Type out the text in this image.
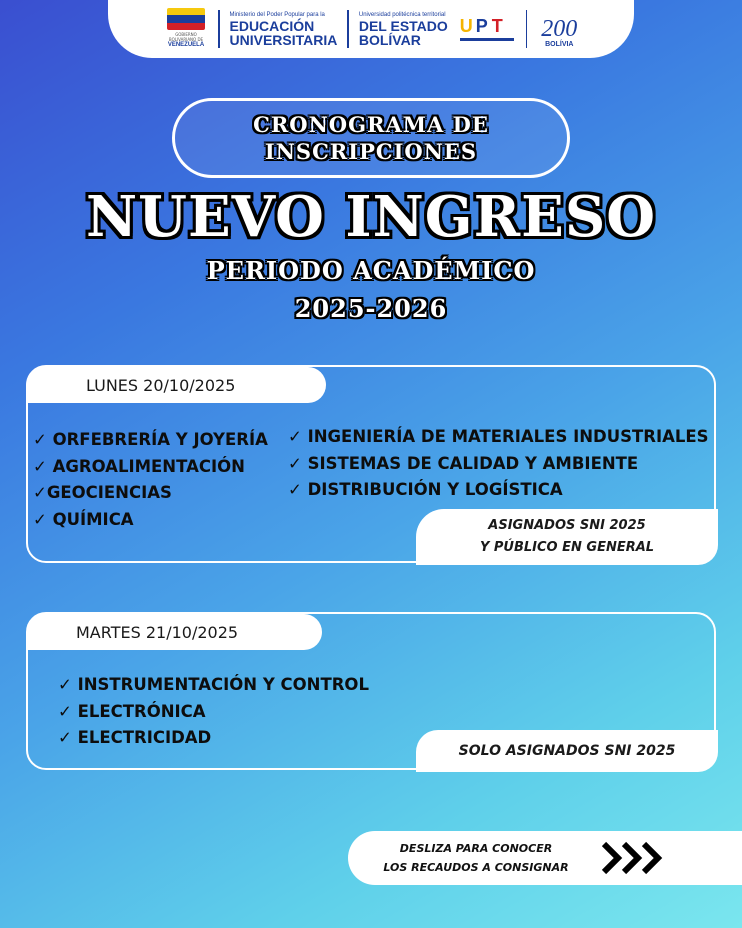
GOBIERNO BOLIVARIANO DE
VENEZUELA
Ministerio del Poder Popular para la
EDUCACIÓN
UNIVERSITARIA
Universidad politécnica territorial
DEL ESTADO
BOLÍVAR
U P T 200
BOLÍVIA
CRONOGRAMA DE
INSCRIPCIONES
NUEVO INGRESO
PERIODO ACADÉMICO
2025-2026
LUNES 20/10/2025
✓ ORFEBRERÍA Y JOYERÍA
✓ AGROALIMENTACIÓN
✓GEOCIENCIAS
✓ QUÍMICA
✓ INGENIERÍA DE MATERIALES INDUSTRIALES
✓ SISTEMAS DE CALIDAD Y AMBIENTE
✓ DISTRIBUCIÓN Y LOGÍSTICA
ASIGNADOS SNI 2025
Y PÚBLICO EN GENERAL
MARTES 21/10/2025
✓ INSTRUMENTACIÓN Y CONTROL
✓ ELECTRÓNICA
✓ ELECTRICIDAD
SOLO ASIGNADOS SNI 2025
DESLIZA PARA CONOCER
LOS RECAUDOS A CONSIGNAR
